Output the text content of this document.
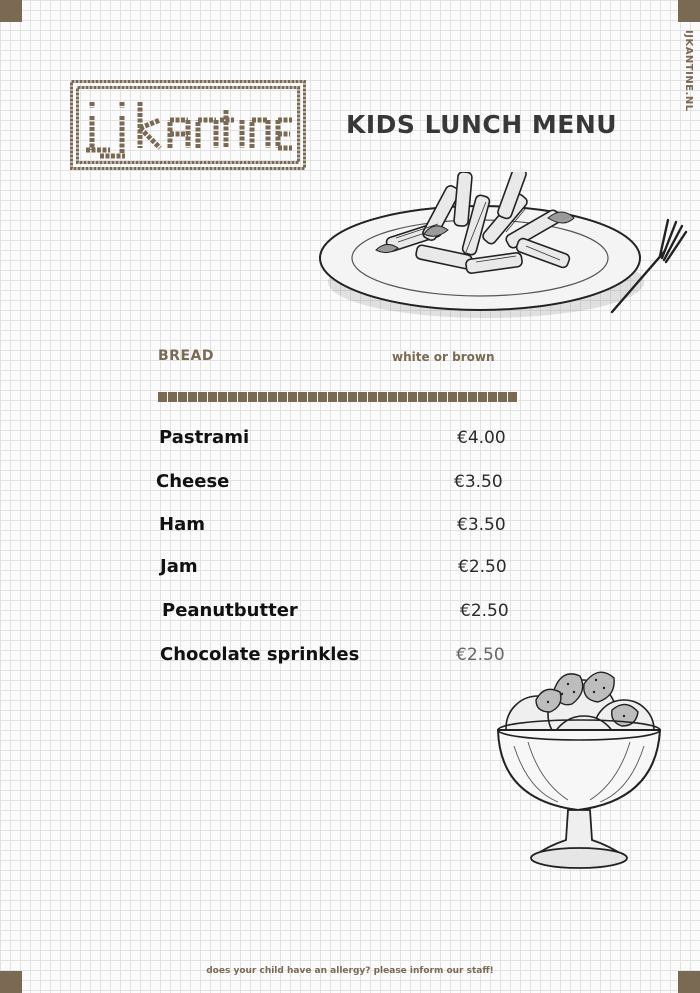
KIDS LUNCH MENU
IJKANTINE.NL
BREAD	white or brown
Pastrami	€4.00
Cheese	€3.50
Ham	€3.50
Jam	€2.50
Peanutbutter	€2.50
Chocolate sprinkles	€2.50
does your child have an allergy? please inform our staff!
